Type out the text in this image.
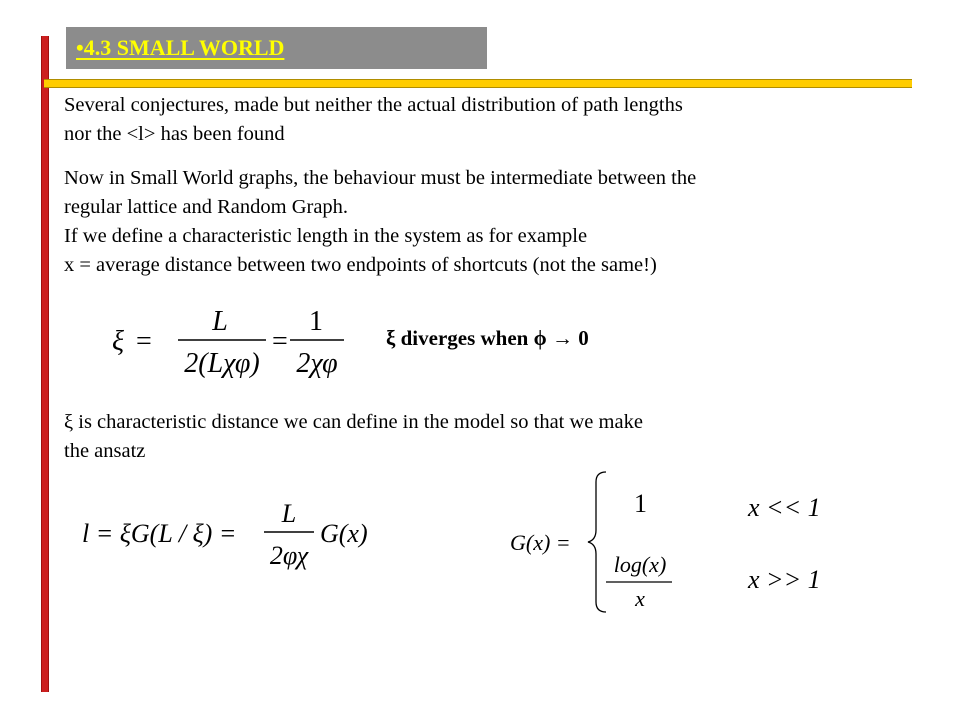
•4.3 SMALL WORLD
Several conjectures, made but neither the actual distribution of path lengths
nor the <l> has been found
Now in Small World graphs, the behaviour must be intermediate between the
regular lattice and Random Graph.
If we define a characteristic length in the system as for example
x = average distance between two endpoints of shortcuts (not the same!)
ξ =
L
2(Lχφ)
=
1
2χφ
ξ diverges when ϕ → 0
ξ is characteristic distance we can define in the model so that we make
the ansatz
l = ξG(L / ξ) =
L
2φχ
G(x)	G(x) =
1	x << 1
log(x)
x
x >> 1
